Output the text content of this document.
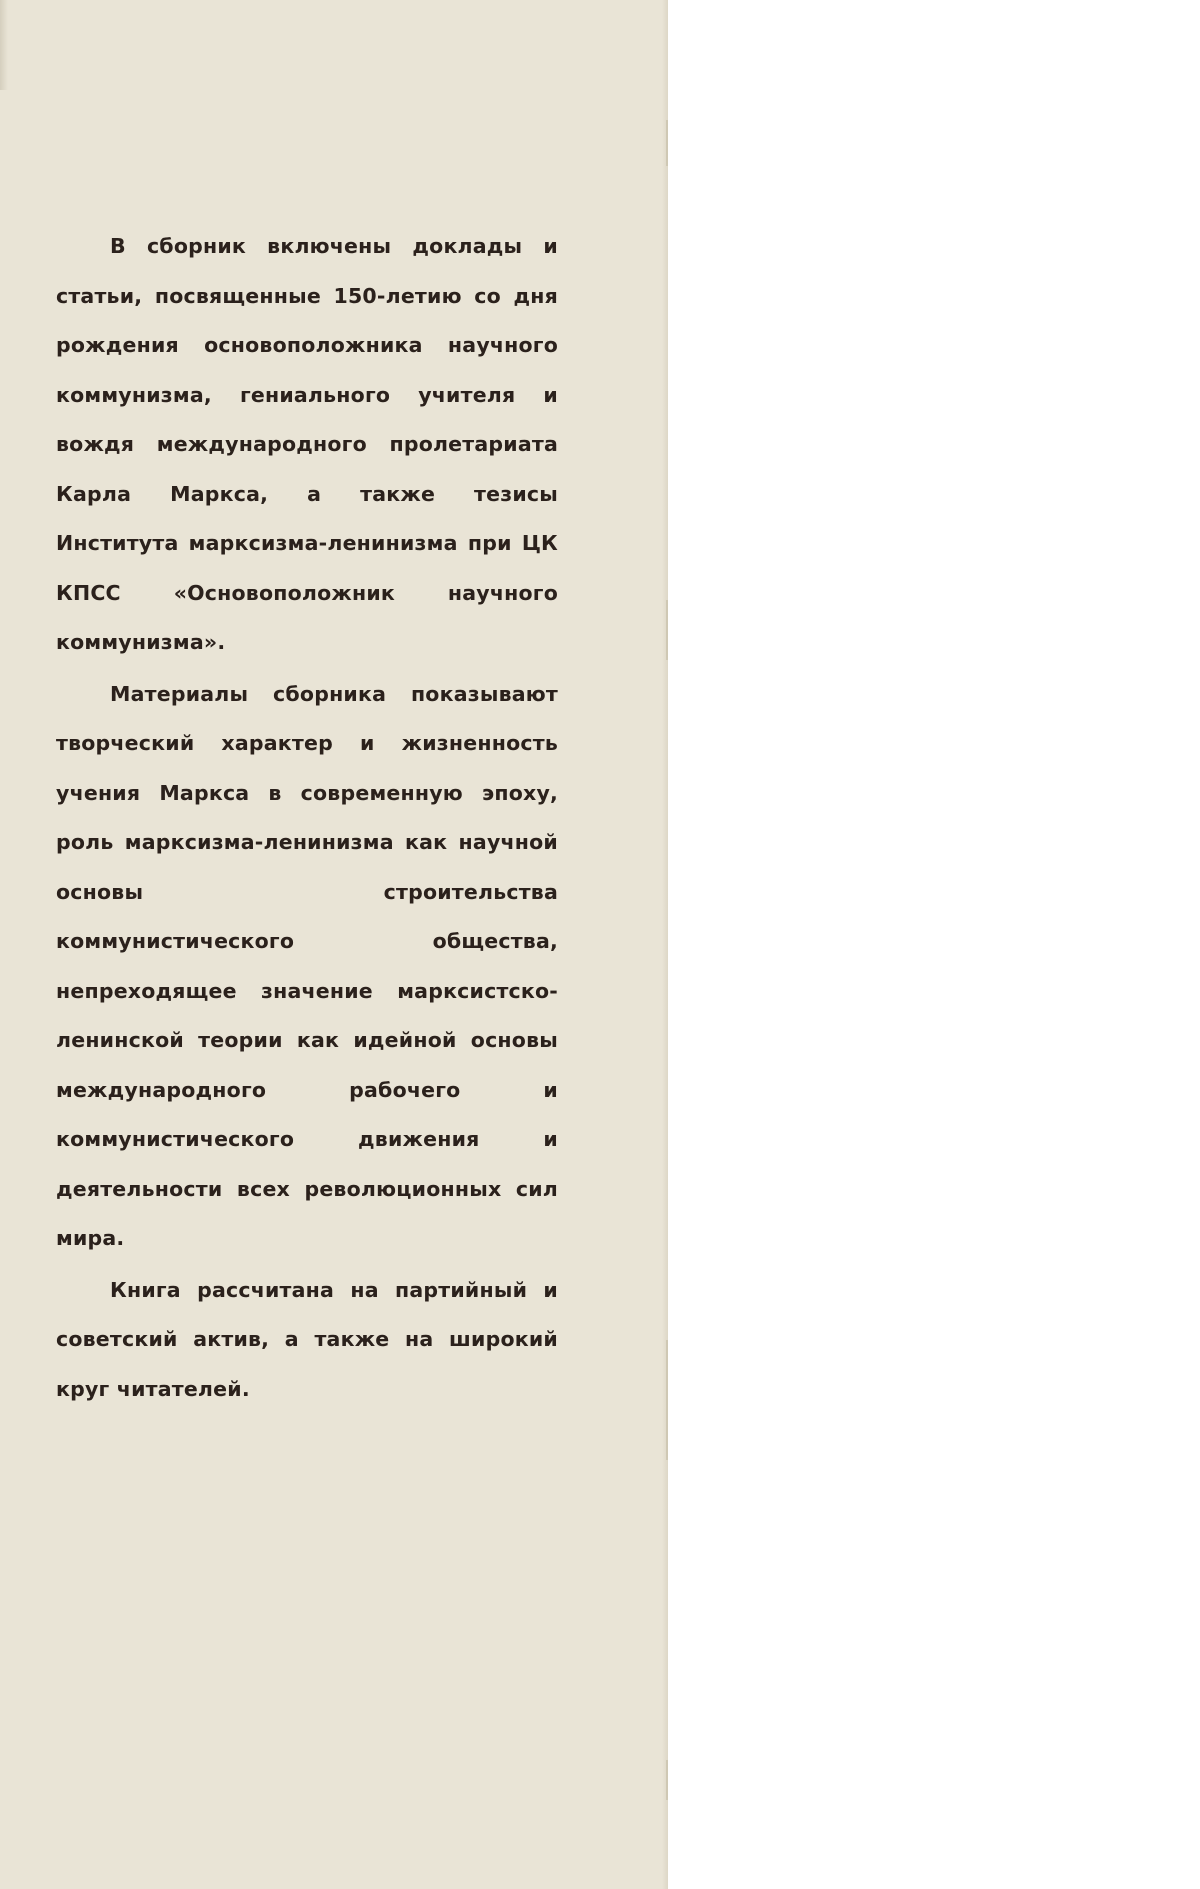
В сборник включены доклады и статьи, посвященные 150-летию со дня рождения основоположника научного коммунизма, гениального учителя и вождя международного пролетариата Карла Маркса, а также тезисы Института марксизма-ленинизма при ЦК КПСС «Основоположник научного коммунизма».

Материалы сборника показывают творческий характер и жизненность учения Маркса в современную эпоху, роль марксизма-ленинизма как научной основы строительства коммунистического общества, непреходящее значение марксистско-ленинской теории как идейной основы международного рабочего и коммунистического движения и деятельности всех революционных сил мира.

Книга рассчитана на партийный и советский актив, а также на широкий круг читателей.
